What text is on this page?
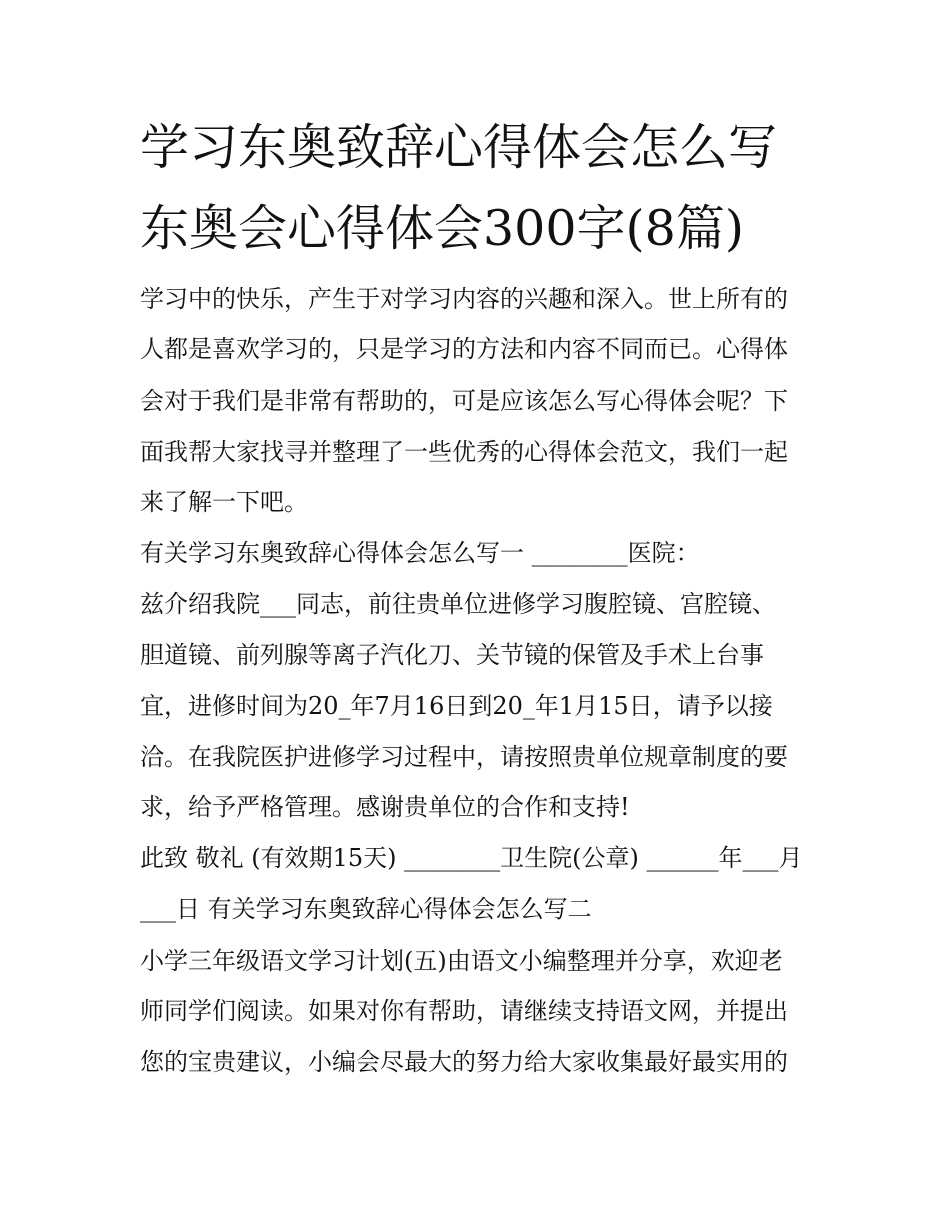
学习东奥致辞心得体会怎么写
东奥会心得体会300字(8篇)
学习中的快乐，产生于对学习内容的兴趣和深入。世上所有的
人都是喜欢学习的，只是学习的方法和内容不同而已。心得体
会对于我们是非常有帮助的，可是应该怎么写心得体会呢？下
面我帮大家找寻并整理了一些优秀的心得体会范文，我们一起
来了解一下吧。
有关学习东奥致辞心得体会怎么写一 ________医院：
兹介绍我院___同志，前往贵单位进修学习腹腔镜、宫腔镜、
胆道镜、前列腺等离子汽化刀、关节镜的保管及手术上台事
宜，进修时间为20_年7月16日到20_年1月15日，请予以接
洽。在我院医护进修学习过程中，请按照贵单位规章制度的要
求，给予严格管理。感谢贵单位的合作和支持!
此致 敬礼 (有效期15天) ________卫生院(公章) ______年___月
___日 有关学习东奥致辞心得体会怎么写二
小学三年级语文学习计划(五)由语文小编整理并分享，欢迎老
师同学们阅读。如果对你有帮助，请继续支持语文网，并提出
您的宝贵建议，小编会尽最大的努力给大家收集最好最实用的
